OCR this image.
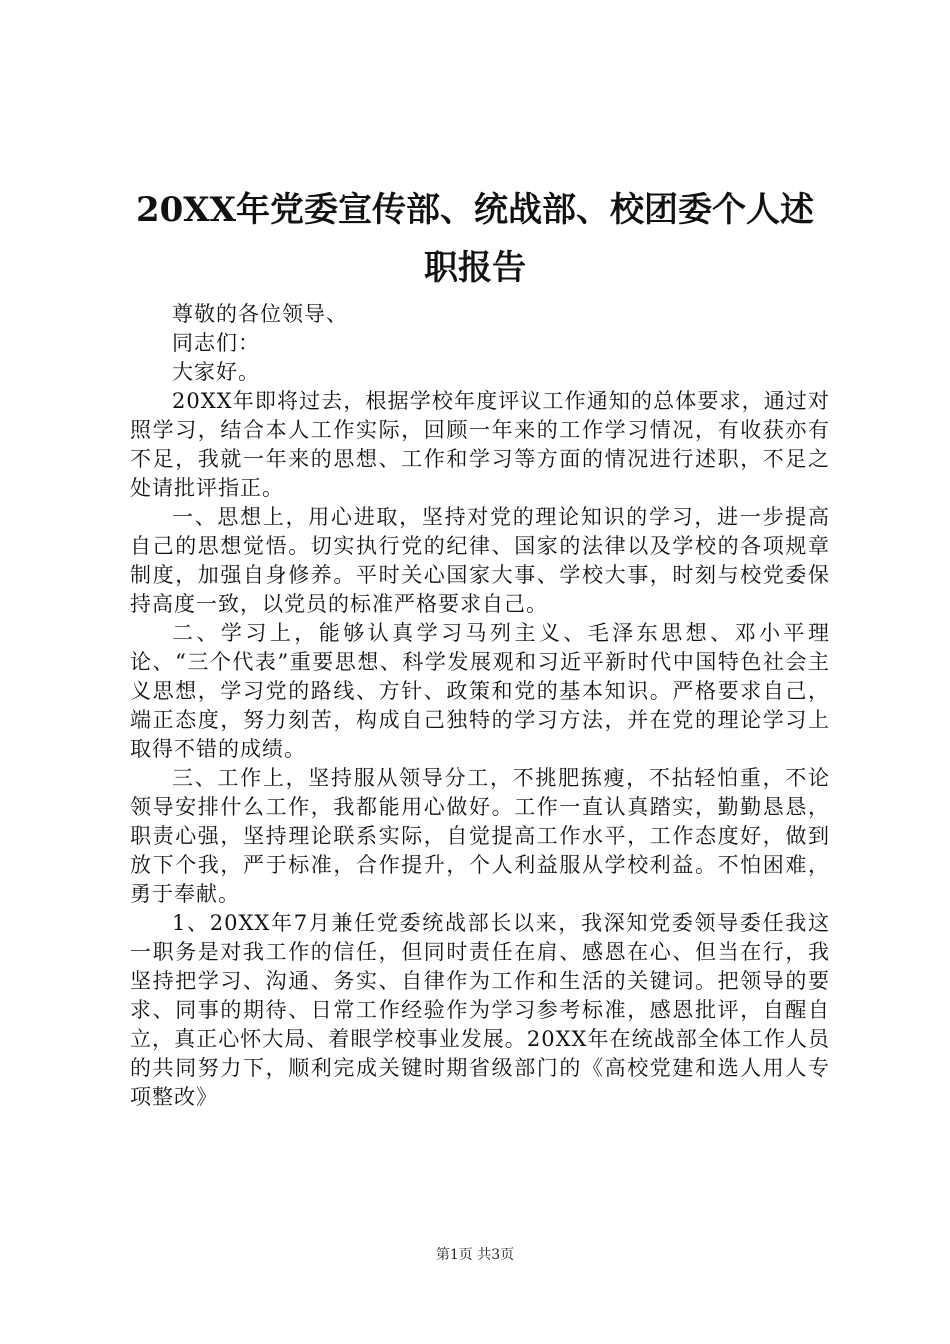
20XX年党委宣传部、统战部、校团委个人述
职报告

尊敬的各位领导、

同志们：

大家好。

20XX年即将过去，根据学校年度评议工作通知的总体要求，通过对照学习，结合本人工作实际，回顾一年来的工作学习情况，有收获亦有不足，我就一年来的思想、工作和学习等方面的情况进行述职，不足之处请批评指正。

一、思想上，用心进取，坚持对党的理论知识的学习，进一步提高自己的思想觉悟。切实执行党的纪律、国家的法律以及学校的各项规章制度，加强自身修养。平时关心国家大事、学校大事，时刻与校党委保持高度一致，以党员的标准严格要求自己。

二、学习上，能够认真学习马列主义、毛泽东思想、邓小平理论、“三个代表”重要思想、科学发展观和习近平新时代中国特色社会主义思想，学习党的路线、方针、政策和党的基本知识。严格要求自己，端正态度，努力刻苦，构成自己独特的学习方法，并在党的理论学习上取得不错的成绩。

三、工作上，坚持服从领导分工，不挑肥拣瘦，不拈轻怕重，不论领导安排什么工作，我都能用心做好。工作一直认真踏实，勤勤恳恳，职责心强，坚持理论联系实际，自觉提高工作水平，工作态度好，做到放下个我，严于标准，合作提升，个人利益服从学校利益。不怕困难，勇于奉献。

1、20XX年7月兼任党委统战部长以来，我深知党委领导委任我这一职务是对我工作的信任，但同时责任在肩、感恩在心、但当在行，我坚持把学习、沟通、务实、自律作为工作和生活的关键词。把领导的要求、同事的期待、日常工作经验作为学习参考标准，感恩批评，自醒自立，真正心怀大局、着眼学校事业发展。20XX年在统战部全体工作人员的共同努力下，顺利完成关键时期省级部门的《高校党建和选人用人专项整改》

第1页 共3页
